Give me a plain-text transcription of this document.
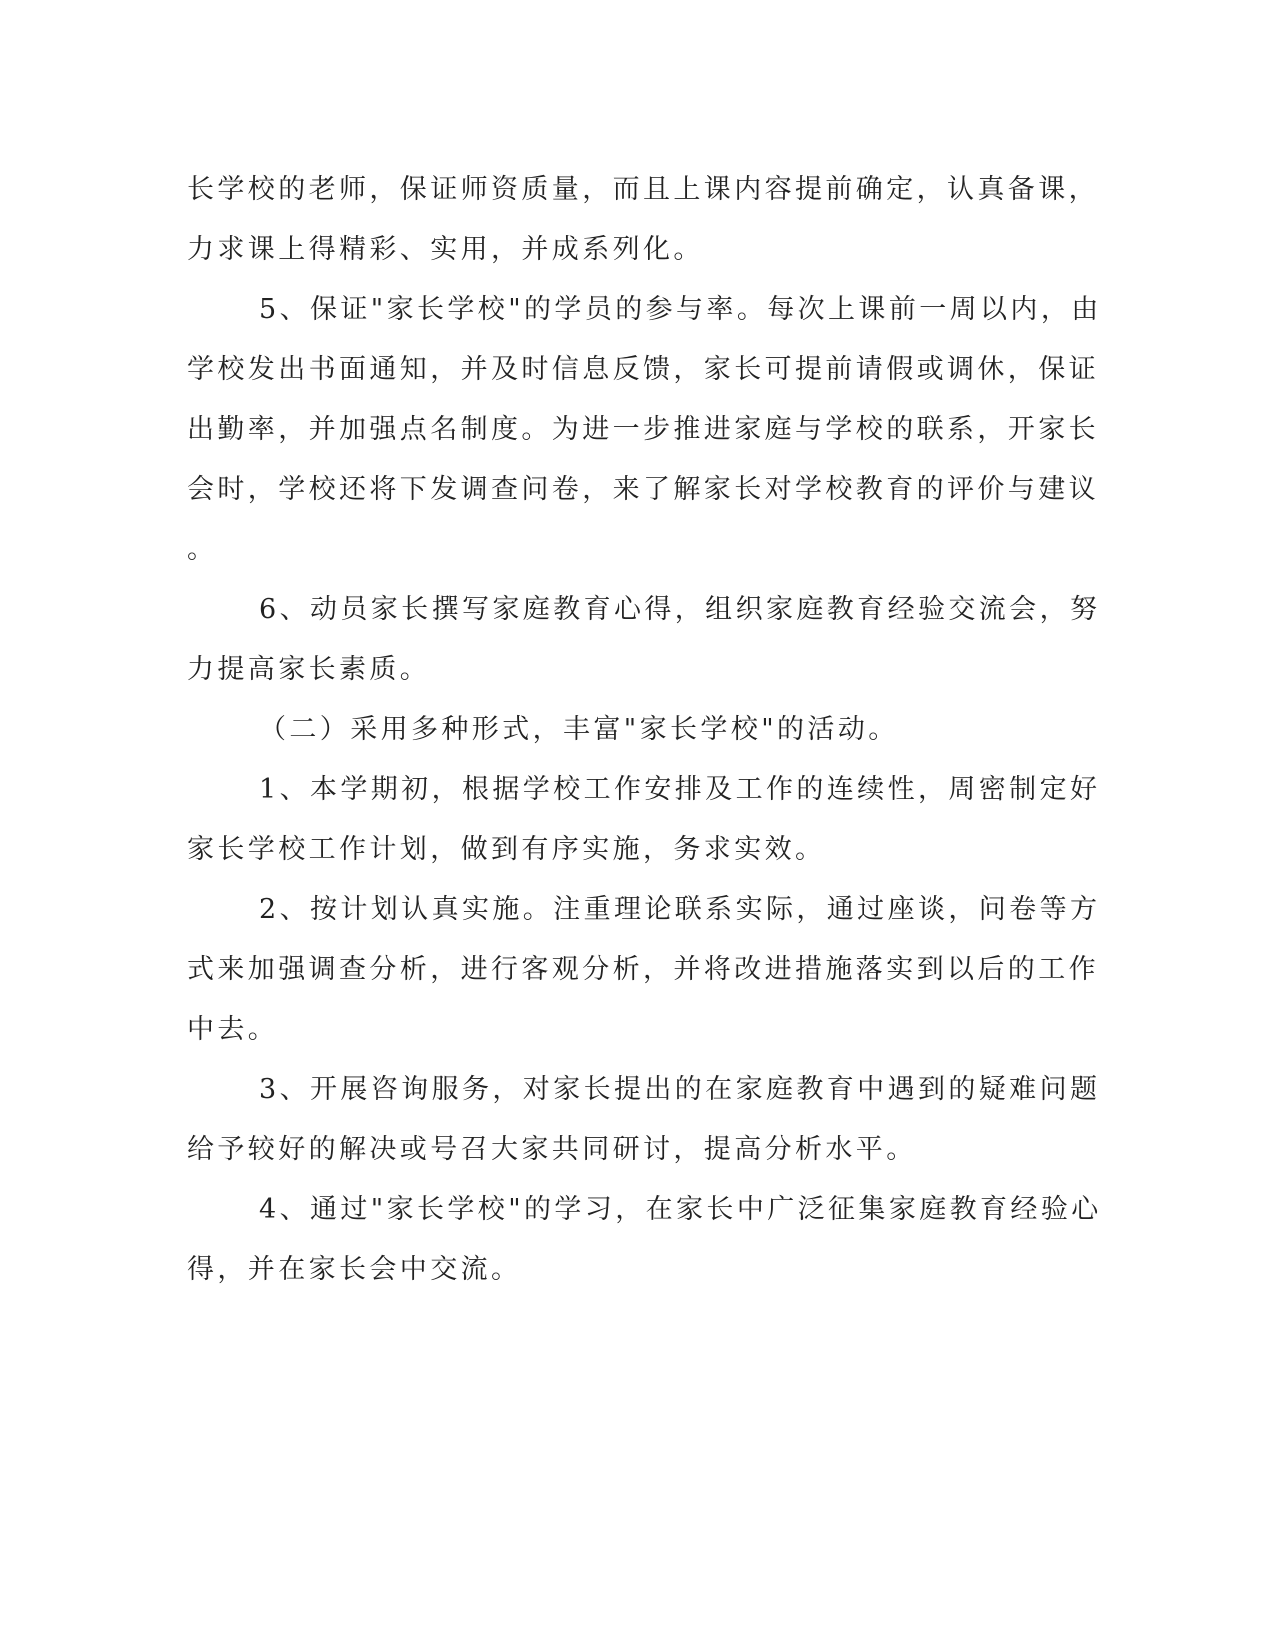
长学校的老师，保证师资质量，而且上课内容提前确定，认真备课，
力求课上得精彩、实用，并成系列化。
5、保证"家长学校"的学员的参与率。每次上课前一周以内，由
学校发出书面通知，并及时信息反馈，家长可提前请假或调休，保证
出勤率，并加强点名制度。为进一步推进家庭与学校的联系，开家长
会时，学校还将下发调查问卷，来了解家长对学校教育的评价与建议
。
6、动员家长撰写家庭教育心得，组织家庭教育经验交流会，努
力提高家长素质。
（二）采用多种形式，丰富"家长学校"的活动。
1、本学期初，根据学校工作安排及工作的连续性，周密制定好
家长学校工作计划，做到有序实施，务求实效。
2、按计划认真实施。注重理论联系实际，通过座谈，问卷等方
式来加强调查分析，进行客观分析，并将改进措施落实到以后的工作
中去。
3、开展咨询服务，对家长提出的在家庭教育中遇到的疑难问题
给予较好的解决或号召大家共同研讨，提高分析水平。
4、通过"家长学校"的学习，在家长中广泛征集家庭教育经验心
得，并在家长会中交流。
